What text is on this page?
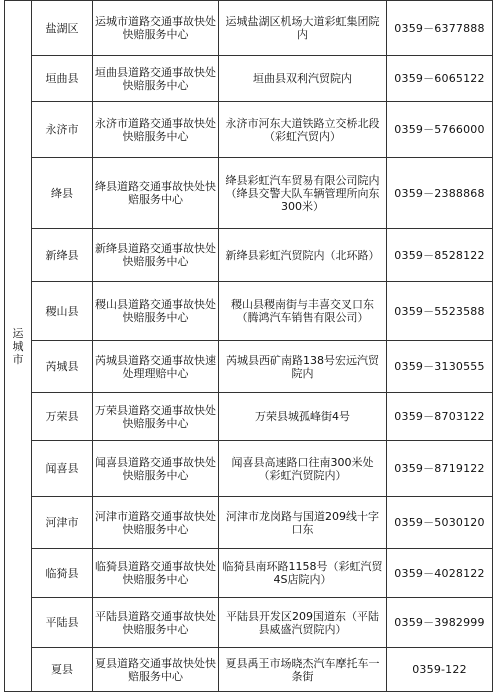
运城市	盐湖区	运城市道路交通事故快处快赔服务中心	运城盐湖区机场大道彩虹集团院内	0359－6377888
	垣曲县	垣曲县道路交通事故快处快赔服务中心	垣曲县双利汽贸院内	0359－6065122
	永济市	永济市道路交通事故快处快赔服务中心	永济市河东大道铁路立交桥北段（彩虹汽贸内）	0359－5766000
	绛县	绛县道路交通事故快处快赔服务中心	绛县彩虹汽车贸易有限公司院内（绛县交警大队车辆管理所向东300米）	0359－2388868
	新绛县	新绛县道路交通事故快处快赔服务中心	新绛县彩虹汽贸院内（北环路）	0359－8528122
	稷山县	稷山县道路交通事故快处快赔服务中心	稷山县稷南街与丰喜交叉口东（腾鸿汽车销售有限公司）	0359－5523588
	芮城县	芮城县道路交通事故快速处理理赔中心	芮城县西矿南路138号宏远汽贸院内	0359－3130555
	万荣县	万荣县道路交通事故快处快赔服务中心	万荣县城孤峰街4号	0359－8703122
	闻喜县	闻喜县道路交通事故快处快赔服务中心	闻喜县高速路口往南300米处（彩虹汽贸院内）	0359－8719122
	河津市	河津市道路交通事故快处快赔服务中心	河津市龙岗路与国道209线十字口东	0359－5030120
	临猗县	临猗县道路交通事故快处快赔服务中心	临猗县南环路1158号（彩虹汽贸4S店院内）	0359－4028122
	平陆县	平陆县道路交通事故快处快赔服务中心	平陆县开发区209国道东（平陆县威盛汽贸院内）	0359－3982999
	夏县	夏县道路交通事故快处快赔服务中心	夏县禹王市场晓杰汽车摩托车一条街	0359-122
